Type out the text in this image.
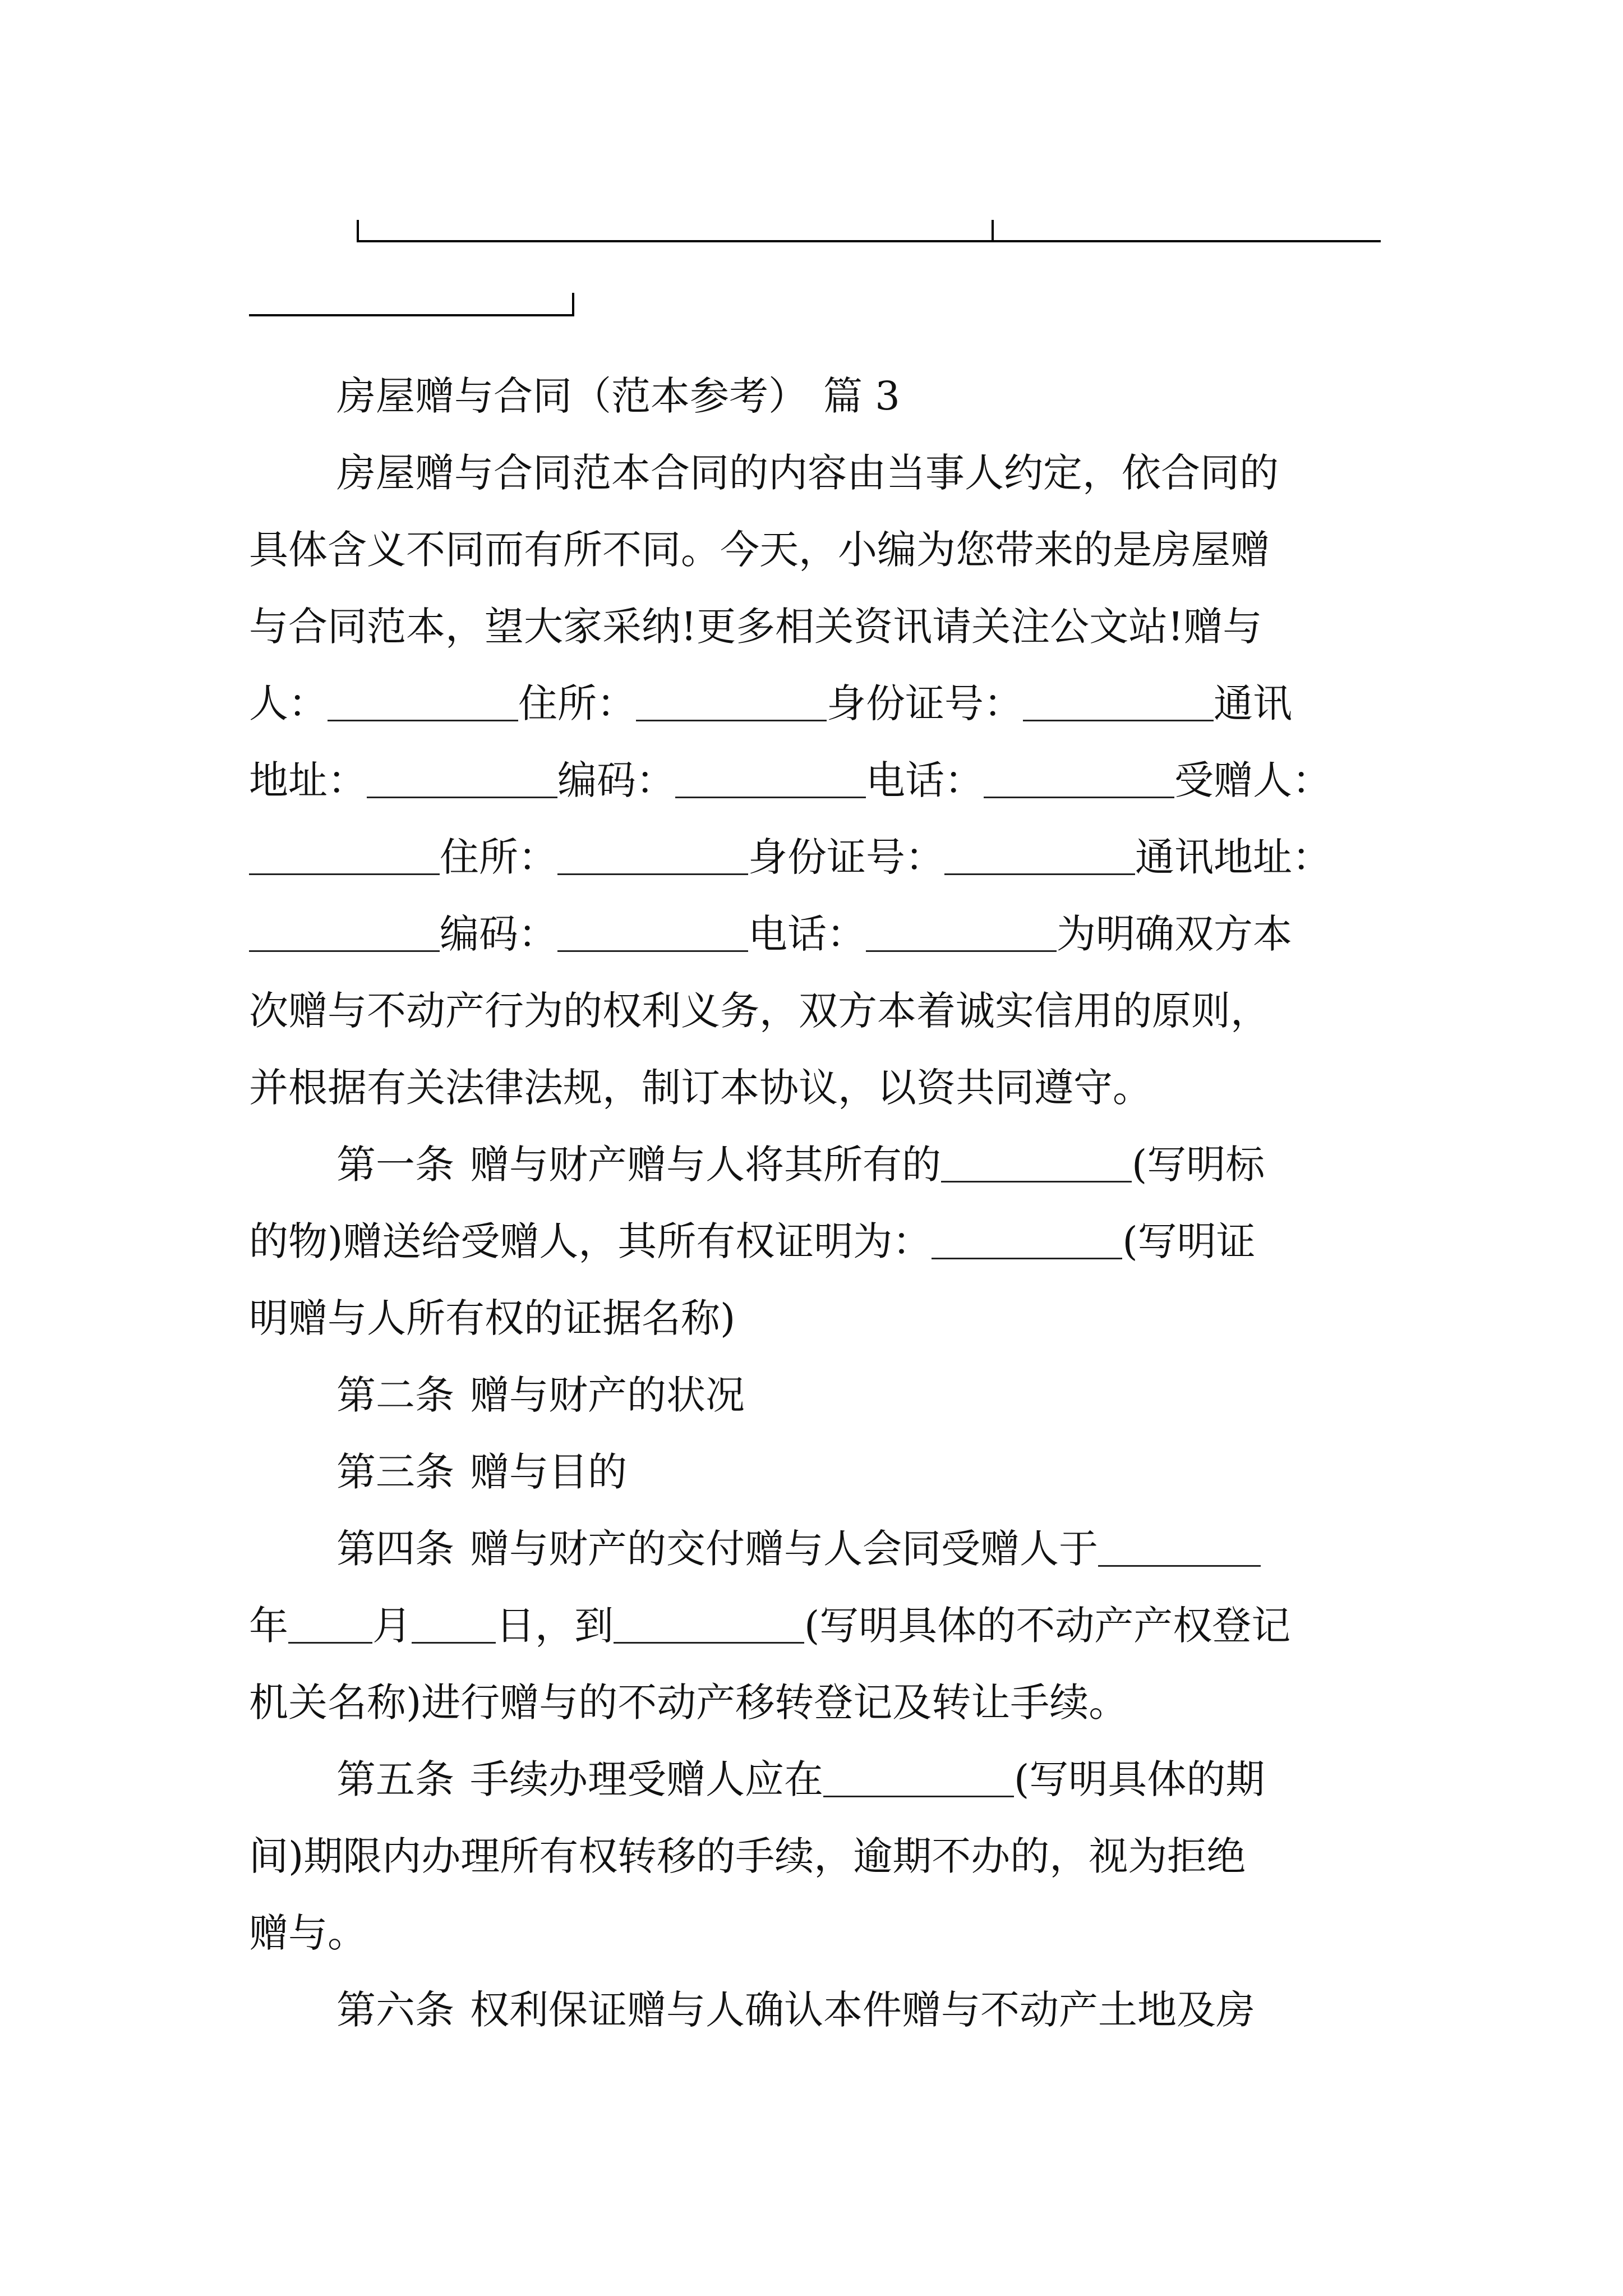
房屋赠与合同（范本参考） 篇 3
房屋赠与合同范本合同的内容由当事人约定，依合同的
具体含义不同而有所不同。今天，小编为您带来的是房屋赠
与合同范本，望大家采纳!更多相关资讯请关注公文站!赠与
人：	住所：	身份证号：	通讯
地址：	编码：	电话：	受赠人：
住所：	身份证号：	通讯地址：
编码：	电话：	为明确双方本
次赠与不动产行为的权利义务，双方本着诚实信用的原则，
并根据有关法律法规，制订本协议，以资共同遵守。
第一条 赠与财产赠与人将其所有的	(写明标
的物)赠送给受赠人，其所有权证明为：	(写明证
明赠与人所有权的证据名称)
第二条 赠与财产的状况
第三条 赠与目的
第四条 赠与财产的交付赠与人会同受赠人于
年 月 日，到	(写明具体的不动产产权登记
机关名称)进行赠与的不动产移转登记及转让手续。
第五条 手续办理受赠人应在	(写明具体的期
间)期限内办理所有权转移的手续，逾期不办的，视为拒绝
赠与。
第六条 权利保证赠与人确认本件赠与不动产土地及房
